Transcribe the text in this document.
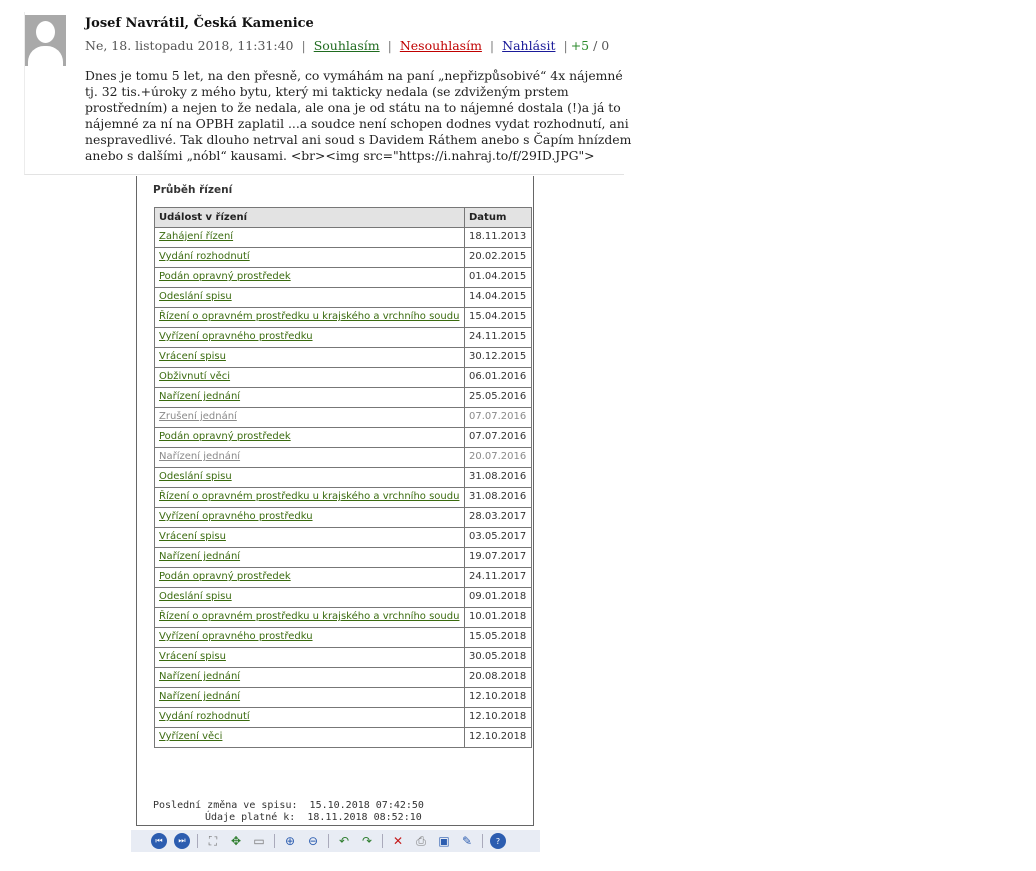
Josef Navrátil, Česká Kamenice
Ne, 18. listopadu 2018, 11:31:40 | Souhlasím | Nesouhlasím | Nahlásit | +5 / 0
Dnes je tomu 5 let, na den přesně, co vymáhám na paní „nepřizpůsobivé“ 4x nájemné tj. 32 tis.+úroky z mého bytu, který mi takticky nedala (se zdviženým prstem prostředním) a nejen to že nedala, ale ona je od státu na to nájemné dostala (!)a já to nájemné za ní na OPBH zaplatil ...a soudce není schopen dodnes vydat rozhodnutí, ani nespravedlivé. Tak dlouho netrval ani soud s Davidem Ráthem anebo s Čapím hnízdem anebo s dalšími „nóbl“ kausami. <br><img src="https://i.nahraj.to/f/29ID.JPG">
Průběh řízení
Událost v řízení	Datum
Zahájení řízení	18.11.2013
Vydání rozhodnutí	20.02.2015
Podán opravný prostředek	01.04.2015
Odeslání spisu	14.04.2015
Řízení o opravném prostředku u krajského a vrchního soudu	15.04.2015
Vyřízení opravného prostředku	24.11.2015
Vrácení spisu	30.12.2015
Obživnutí věci	06.01.2016
Nařízení jednání	25.05.2016
Zrušení jednání	07.07.2016
Podán opravný prostředek	07.07.2016
Nařízení jednání	20.07.2016
Odeslání spisu	31.08.2016
Řízení o opravném prostředku u krajského a vrchního soudu	31.08.2016
Vyřízení opravného prostředku	28.03.2017
Vrácení spisu	03.05.2017
Nařízení jednání	19.07.2017
Podán opravný prostředek	24.11.2017
Odeslání spisu	09.01.2018
Řízení o opravném prostředku u krajského a vrchního soudu	10.01.2018
Vyřízení opravného prostředku	15.05.2018
Vrácení spisu	30.05.2018
Nařízení jednání	20.08.2018
Nařízení jednání	12.10.2018
Vydání rozhodnutí	12.10.2018
Vyřízení věci	12.10.2018
Poslední změna ve spisu: 15.10.2018 07:42:50
Údaje platné k: 18.11.2018 08:52:10
⏮	⏭	⛶	✥ ▭ ⊕ ⊖ ↶ ↷ ✕ ⎙ ▣ ✎	?
